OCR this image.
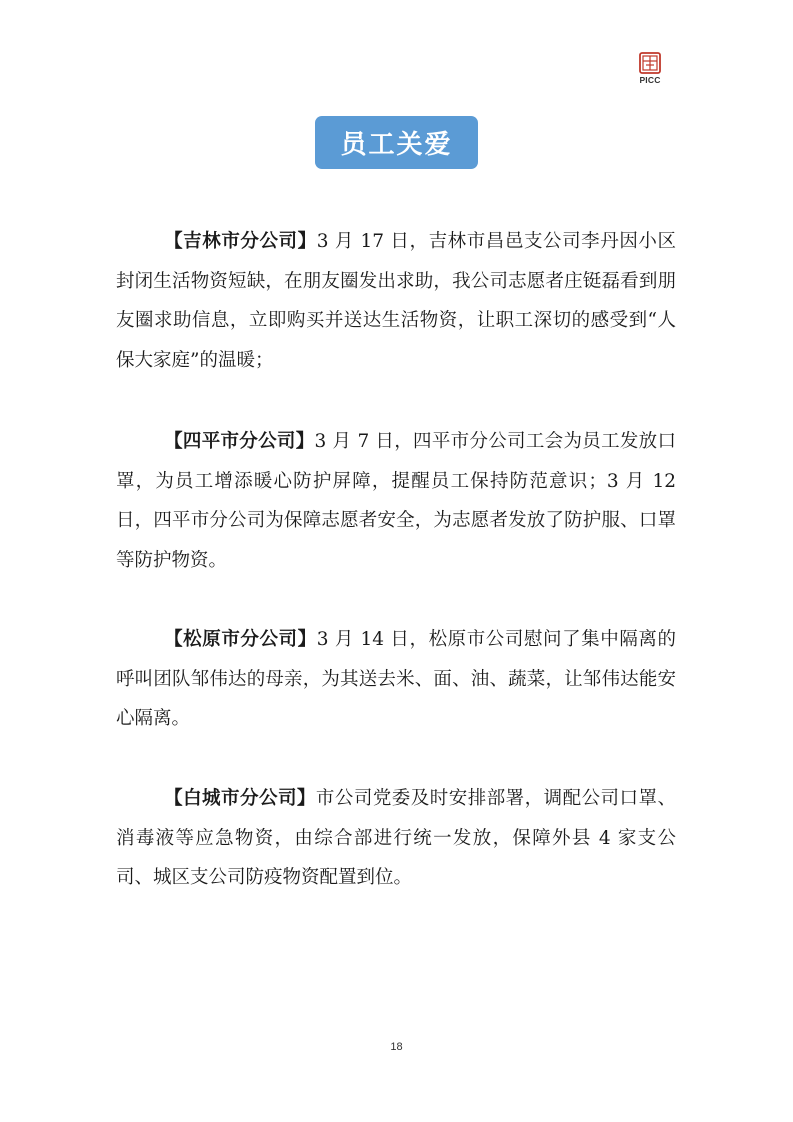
PICC
员工关爱

【吉林市分公司】3 月 17 日，吉林市昌邑支公司李丹因小区封闭生活物资短缺，在朋友圈发出求助，我公司志愿者庄铤磊看到朋友圈求助信息，立即购买并送达生活物资，让职工深切的感受到“人保大家庭”的温暖；

【四平市分公司】3 月 7 日，四平市分公司工会为员工发放口罩，为员工增添暖心防护屏障，提醒员工保持防范意识；3 月 12 日，四平市分公司为保障志愿者安全，为志愿者发放了防护服、口罩等防护物资。

【松原市分公司】3 月 14 日，松原市公司慰问了集中隔离的呼叫团队邹伟达的母亲，为其送去米、面、油、蔬菜，让邹伟达能安心隔离。

【白城市分公司】市公司党委及时安排部署，调配公司口罩、消毒液等应急物资，由综合部进行统一发放，保障外县 4 家支公司、城区支公司防疫物资配置到位。

18
